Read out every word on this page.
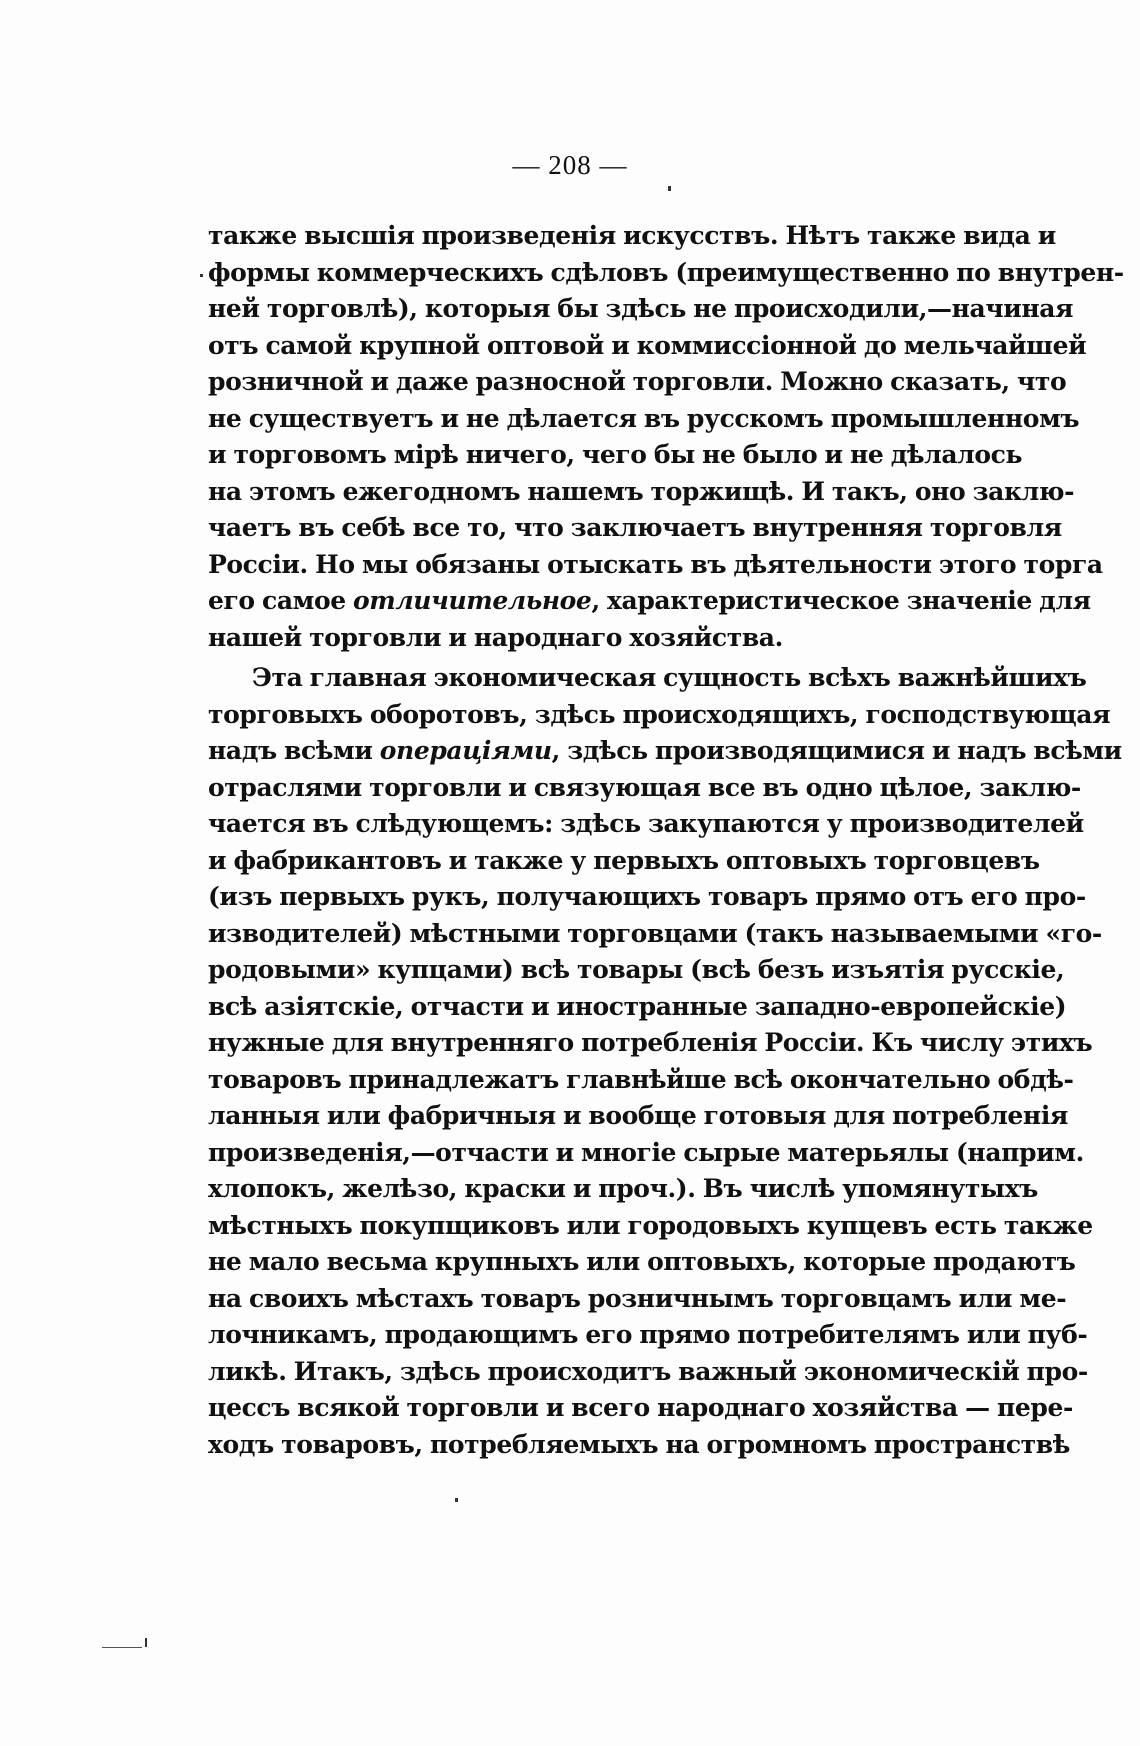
— 208 —
также высшія произведенія искусствъ. Нѣтъ также вида и
формы коммерческихъ сдѣловъ (преимущественно по внутрен-
ней торговлѣ), которыя бы здѣсь не происходили,—начиная
отъ самой крупной оптовой и коммиссіонной до мельчайшей
розничной и даже разносной торговли. Можно сказать, что
не существуетъ и не дѣлается въ русскомъ промышленномъ
и торговомъ мірѣ ничего, чего бы не было и не дѣлалось
на этомъ ежегодномъ нашемъ торжищѣ. И такъ, оно заклю-
чаетъ въ себѣ все то, что заключаетъ внутренняя торговля
Россіи. Но мы обязаны отыскать въ дѣятельности этого торга
его самое отличительное, характеристическое значеніе для
нашей торговли и народнаго хозяйства.
Эта главная экономическая сущность всѣхъ важнѣйшихъ
торговыхъ оборотовъ, здѣсь происходящихъ, господствующая
надъ всѣми операціями, здѣсь производящимися и надъ всѣми
отраслями торговли и связующая все въ одно цѣлое, заклю-
чается въ слѣдующемъ: здѣсь закупаются у производителей
и фабрикантовъ и также у первыхъ оптовыхъ торговцевъ
(изъ первыхъ рукъ, получающихъ товаръ прямо отъ его про-
изводителей) мѣстными торговцами (такъ называемыми «го-
родовыми» купцами) всѣ товары (всѣ безъ изъятія русскіе,
всѣ азіятскіе, отчасти и иностранные западно-европейскіе)
нужные для внутренняго потребленія Россіи. Къ числу этихъ
товаровъ принадлежатъ главнѣйше всѣ окончательно обдѣ-
ланныя или фабричныя и вообще готовыя для потребленія
произведенія,—отчасти и многіе сырые матерьялы (наприм.
хлопокъ, желѣзо, краски и проч.). Въ числѣ упомянутыхъ
мѣстныхъ покупщиковъ или городовыхъ купцевъ есть также
не мало весьма крупныхъ или оптовыхъ, которые продаютъ
на своихъ мѣстахъ товаръ розничнымъ торговцамъ или ме-
лочникамъ, продающимъ его прямо потребителямъ или пуб-
ликѣ. Итакъ, здѣсь происходитъ важный экономическій про-
цессъ всякой торговли и всего народнаго хозяйства — пере-
ходъ товаровъ, потребляемыхъ на огромномъ пространствѣ
